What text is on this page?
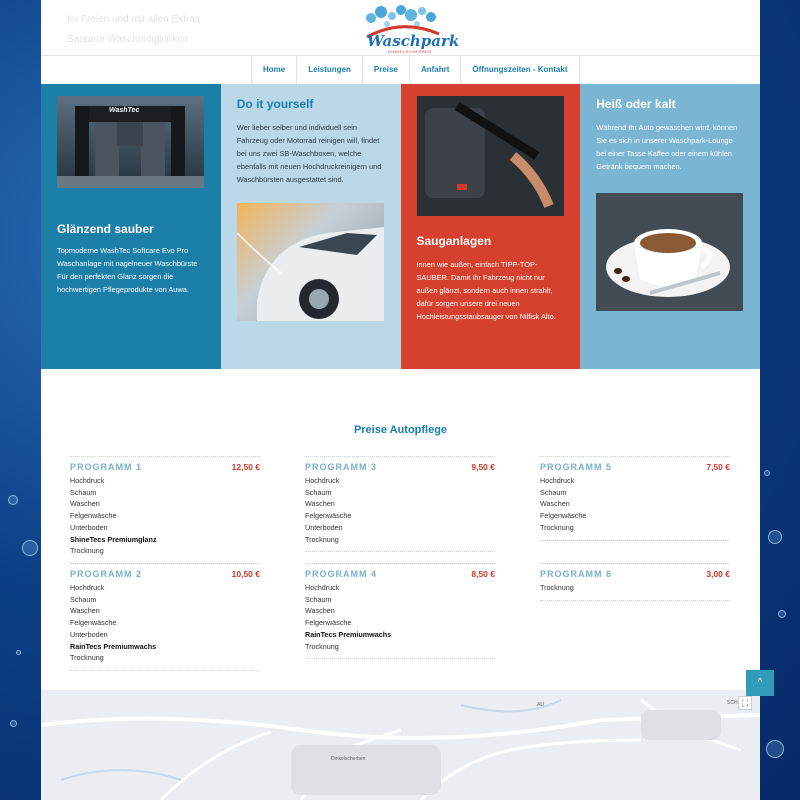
Im Freien und mit allen Extras
Saubere Waschmöglichkeit	Waschpark
DINKELSCHERBEN
Home	Leistungen	Preise	Anfahrt	Öffnungszeiten - Kontakt
WashTec
Glänzend sauber

Topmoderne WashTec Softcare Evo Pro Waschanlage mit nagelneuer Waschbürste
Für den perfekten Glanz sorgen die hochwertigen Pflegeprodukte von Auwa.

Do it yourself

Wer lieber selber und individuell sein Fahrzeug oder Motorrad reinigen will, findet bei uns zwei SB-Waschboxen, welche ebenfalls mit neuen Hochdruckreinigern und Waschbürsten ausgestattet sind.

Sauganlagen

Innen wie außen, einfach TIPP-TOP-SAUBER. Damit Ihr Fahrzeug nicht nur außen glänzt, sondern auch innen strahlt, dafür sorgen unsere drei neuen Hochleistungsstaubsauger von Nilfisk Alto.

Heiß oder kalt

Während Ihr Auto gewaschen wird, können Sie es sich in unserer Waschpark-Lounge bei einer Tasse Kaffee oder einem kühlen Getränk bequem machen.

Preise Autopflege
PROGRAMM 1	12,50 €
Hochdruck
Schaum
Waschen
Felgenwäsche
Unterboden
ShineTecs Premiumglanz
Trocknung
PROGRAMM 3	9,50 €
Hochdruck
Schaum
Waschen
Felgenwäsche
Unterboden
Trocknung
PROGRAMM 5	7,50 €
Hochdruck
Schaum
Waschen
Felgenwäsche
Trocknung
PROGRAMM 2	10,50 €
Hochdruck
Schaum
Waschen
Felgenwäsche
Unterboden
RainTecs Premiumwachs
Trocknung
PROGRAMM 4	8,50 €
Hochdruck
Schaum
Waschen
Felgenwäsche
RainTecs Premiumwachs
Trocknung
PROGRAMM 6	3,00 €
Trocknung
AU
Dinkelscherben
SCH ⛶
^
